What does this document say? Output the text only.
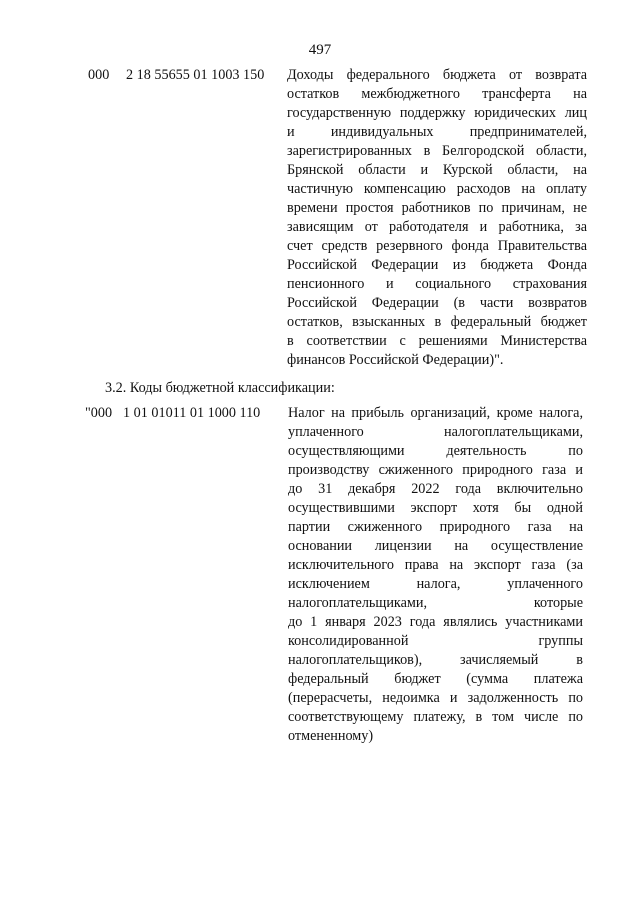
497
000 2 18 55655 01 1003 150 Доходы федерального бюджета от возврата
остатков межбюджетного трансферта на
государственную поддержку юридических лиц
и индивидуальных предпринимателей,
зарегистрированных в Белгородской области,
Брянской области и Курской области, на
частичную компенсацию расходов на оплату
времени простоя работников по причинам, не
зависящим от работодателя и работника, за
счет средств резервного фонда Правительства
Российской Федерации из бюджета Фонда
пенсионного и социального страхования
Российской Федерации (в части возвратов
остатков, взысканных в федеральный бюджет
в соответствии с решениями Министерства
финансов Российской Федерации)".
3.2. Коды бюджетной классификации:
"000 1 01 01011 01 1000 110 Налог на прибыль организаций, кроме налога,
уплаченного налогоплательщиками,
осуществляющими деятельность по
производству сжиженного природного газа и
до 31 декабря 2022 года включительно
осуществившими экспорт хотя бы одной
партии сжиженного природного газа на
основании лицензии на осуществление
исключительного права на экспорт газа (за
исключением налога, уплаченного
налогоплательщиками, которые
до 1 января 2023 года являлись участниками
консолидированной группы
налогоплательщиков), зачисляемый в
федеральный бюджет (сумма платежа
(перерасчеты, недоимка и задолженность по
соответствующему платежу, в том числе по
отмененному)
